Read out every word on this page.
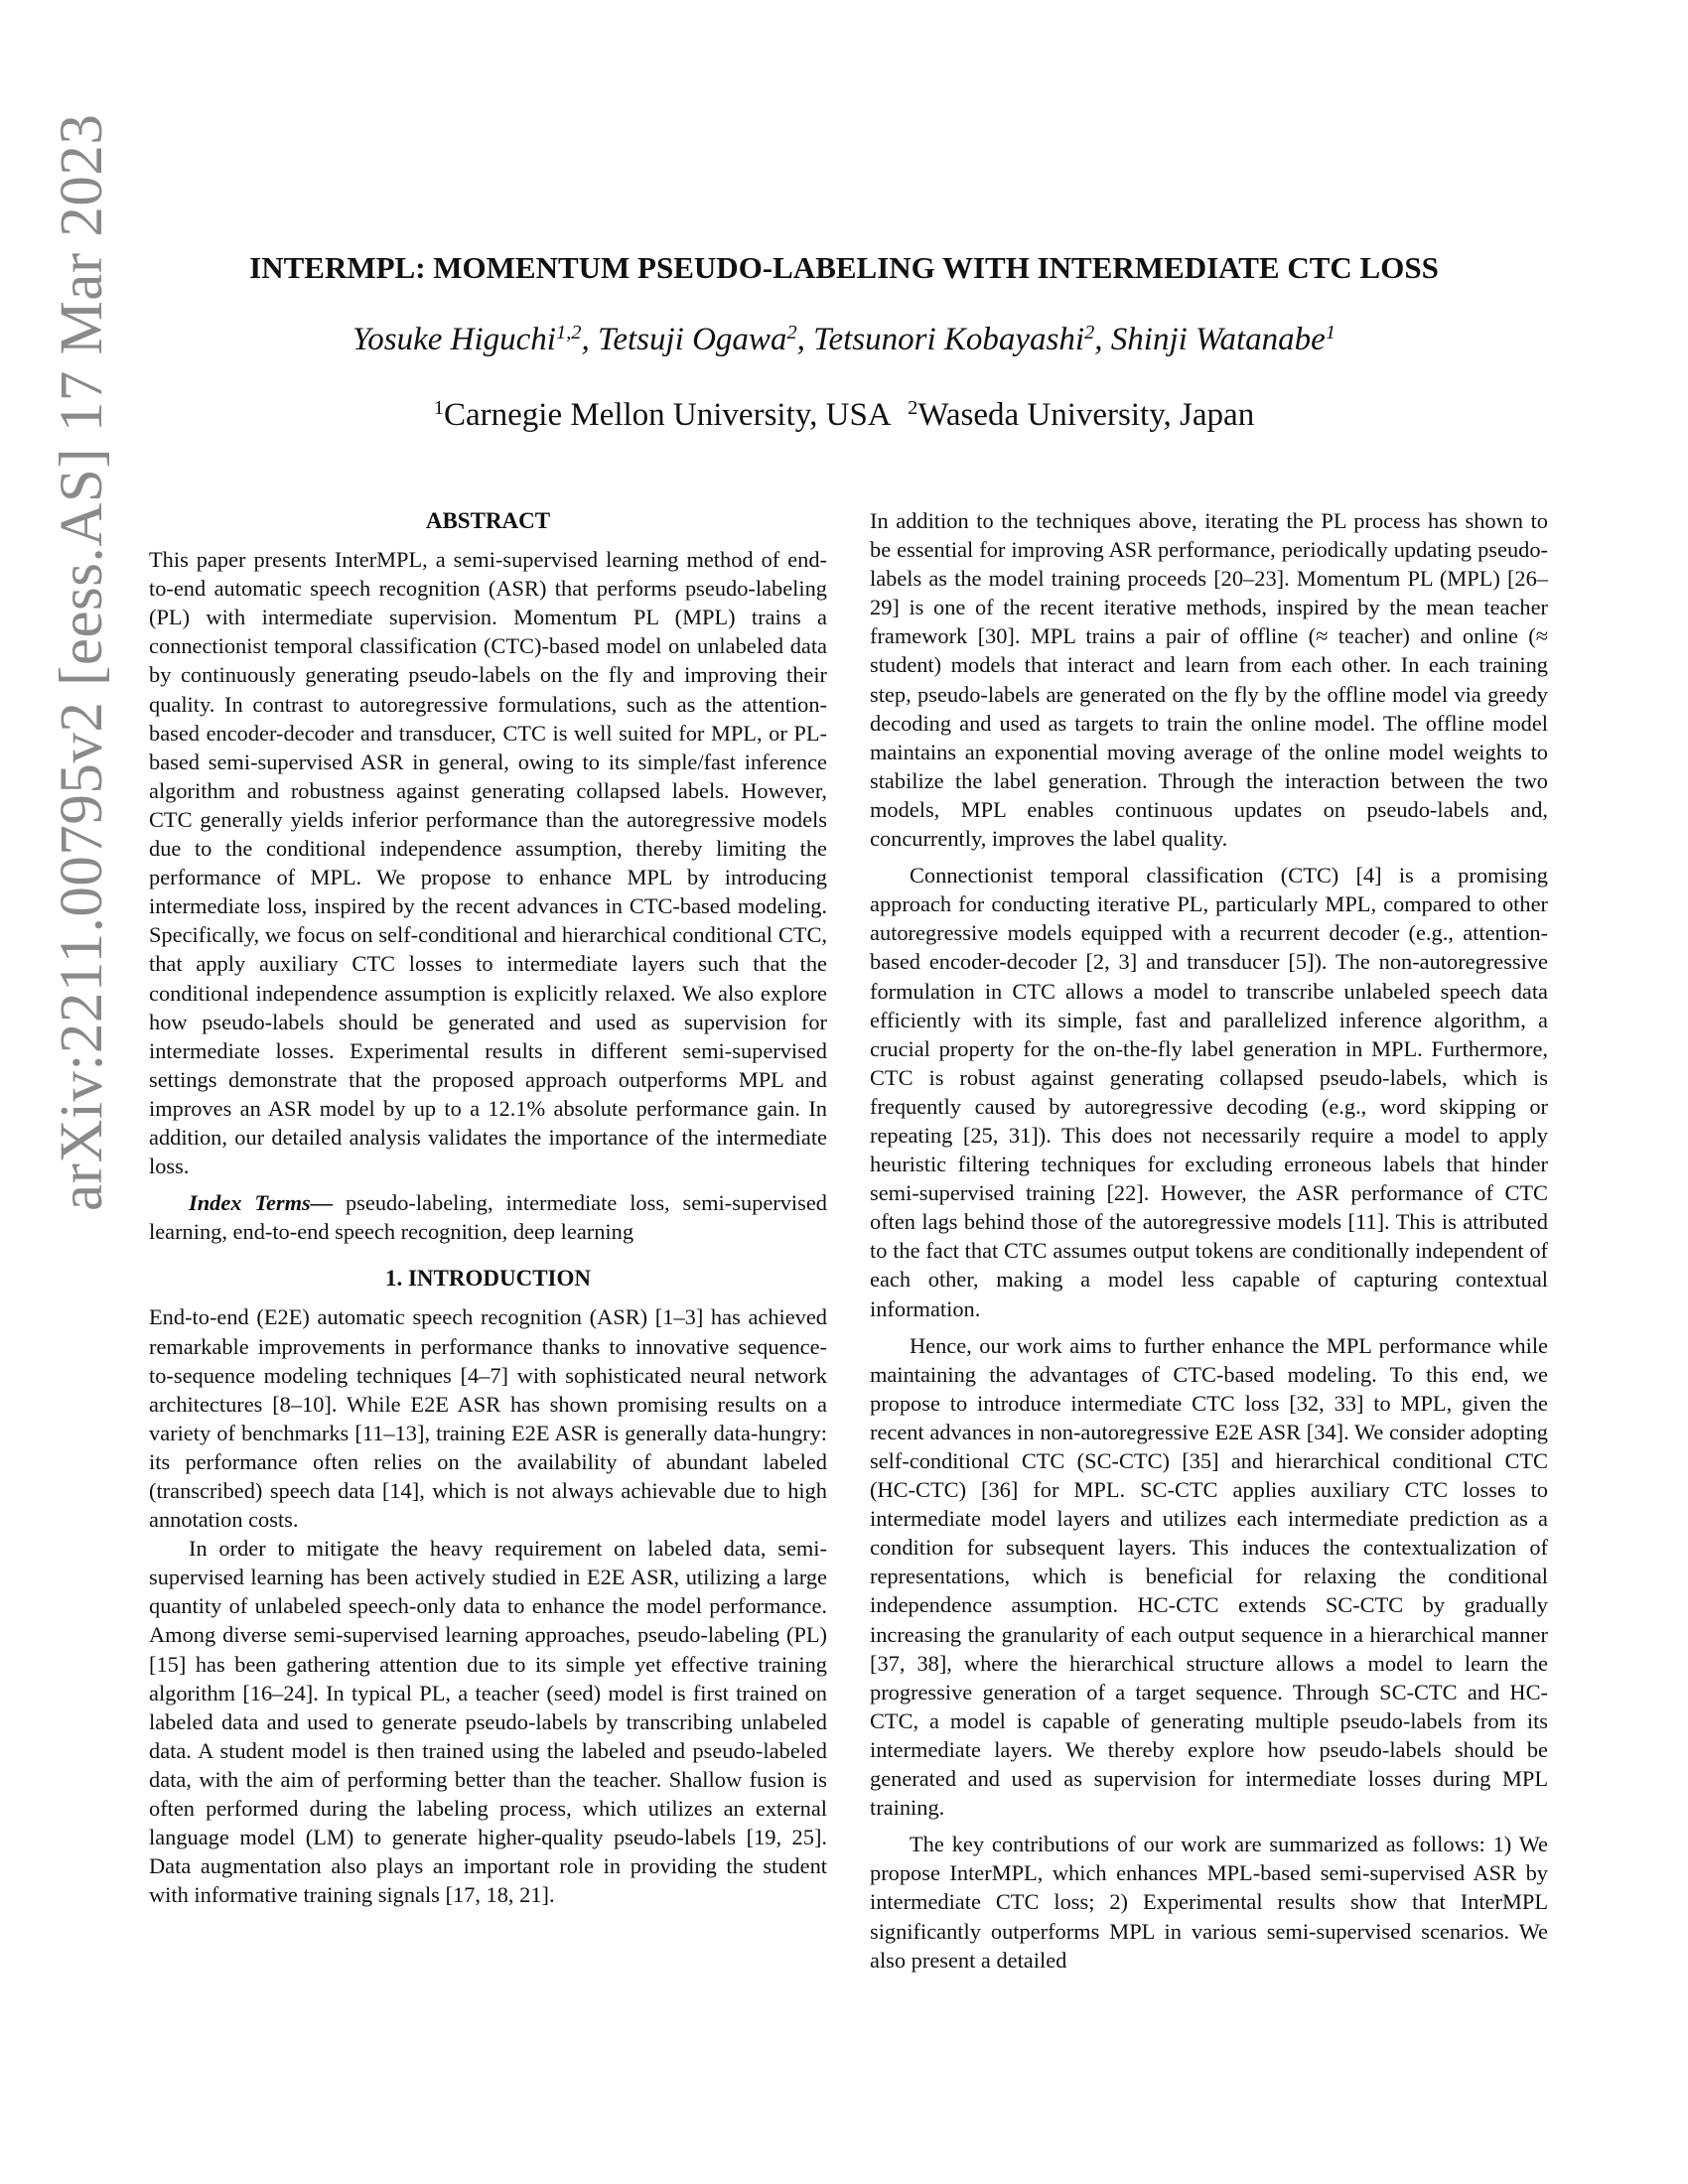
arXiv:2211.00795v2 [eess.AS] 17 Mar 2023	INTERMPL: MOMENTUM PSEUDO-LABELING WITH INTERMEDIATE CTC LOSS
Yosuke Higuchi$^{1,2}$, Tetsuji Ogawa$^2$, Tetsunori Kobayashi$^2$, Shinji Watanabe$^1$
$^1$Carnegie Mellon University, USA $^2$Waseda University, Japan
ABSTRACT

This paper presents InterMPL, a semi-supervised learning method of end-to-end automatic speech recognition (ASR) that performs pseudo-labeling (PL) with intermediate supervision. Momentum PL (MPL) trains a connectionist temporal classification (CTC)-based model on unlabeled data by continuously generating pseudo-labels on the fly and improving their quality. In contrast to autoregressive formulations, such as the attention-based encoder-decoder and transducer, CTC is well suited for MPL, or PL-based semi-supervised ASR in general, owing to its simple/fast inference algorithm and robustness against generating collapsed labels. However, CTC generally yields inferior performance than the autoregressive models due to the conditional independence assumption, thereby limiting the performance of MPL. We propose to enhance MPL by introducing intermediate loss, inspired by the recent advances in CTC-based modeling. Specifically, we focus on self-conditional and hierarchical conditional CTC, that apply auxiliary CTC losses to intermediate layers such that the conditional independence assumption is explicitly relaxed. We also explore how pseudo-labels should be generated and used as supervision for intermediate losses. Experimental results in different semi-supervised settings demonstrate that the proposed approach outperforms MPL and improves an ASR model by up to a 12.1% absolute performance gain. In addition, our detailed analysis validates the importance of the intermediate loss.

Index Terms— pseudo-labeling, intermediate loss, semi-supervised learning, end-to-end speech recognition, deep learning

1. INTRODUCTION

End-to-end (E2E) automatic speech recognition (ASR) [1–3] has achieved remarkable improvements in performance thanks to innovative sequence-to-sequence modeling techniques [4–7] with sophisticated neural network architectures [8–10]. While E2E ASR has shown promising results on a variety of benchmarks [11–13], training E2E ASR is generally data-hungry: its performance often relies on the availability of abundant labeled (transcribed) speech data [14], which is not always achievable due to high annotation costs.

In order to mitigate the heavy requirement on labeled data, semi-supervised learning has been actively studied in E2E ASR, utilizing a large quantity of unlabeled speech-only data to enhance the model performance. Among diverse semi-supervised learning approaches, pseudo-labeling (PL) [15] has been gathering attention due to its simple yet effective training algorithm [16–24]. In typical PL, a teacher (seed) model is first trained on labeled data and used to generate pseudo-labels by transcribing unlabeled data. A student model is then trained using the labeled and pseudo-labeled data, with the aim of performing better than the teacher. Shallow fusion is often performed during the labeling process, which utilizes an external language model (LM) to generate higher-quality pseudo-labels [19, 25]. Data augmentation also plays an important role in providing the student with informative training signals [17, 18, 21].

In addition to the techniques above, iterating the PL process has shown to be essential for improving ASR performance, periodically updating pseudo-labels as the model training proceeds [20–23]. Momentum PL (MPL) [26–29] is one of the recent iterative methods, inspired by the mean teacher framework [30]. MPL trains a pair of offline (≈ teacher) and online (≈ student) models that interact and learn from each other. In each training step, pseudo-labels are generated on the fly by the offline model via greedy decoding and used as targets to train the online model. The offline model maintains an exponential moving average of the online model weights to stabilize the label generation. Through the interaction between the two models, MPL enables continuous updates on pseudo-labels and, concurrently, improves the label quality.

Connectionist temporal classification (CTC) [4] is a promising approach for conducting iterative PL, particularly MPL, compared to other autoregressive models equipped with a recurrent decoder (e.g., attention-based encoder-decoder [2, 3] and transducer [5]). The non-autoregressive formulation in CTC allows a model to transcribe unlabeled speech data efficiently with its simple, fast and parallelized inference algorithm, a crucial property for the on-the-fly label generation in MPL. Furthermore, CTC is robust against generating collapsed pseudo-labels, which is frequently caused by autoregressive decoding (e.g., word skipping or repeating [25, 31]). This does not necessarily require a model to apply heuristic filtering techniques for excluding erroneous labels that hinder semi-supervised training [22]. However, the ASR performance of CTC often lags behind those of the autoregressive models [11]. This is attributed to the fact that CTC assumes output tokens are conditionally independent of each other, making a model less capable of capturing contextual information.

Hence, our work aims to further enhance the MPL performance while maintaining the advantages of CTC-based modeling. To this end, we propose to introduce intermediate CTC loss [32, 33] to MPL, given the recent advances in non-autoregressive E2E ASR [34]. We consider adopting self-conditional CTC (SC-CTC) [35] and hierarchical conditional CTC (HC-CTC) [36] for MPL. SC-CTC applies auxiliary CTC losses to intermediate model layers and utilizes each intermediate prediction as a condition for subsequent layers. This induces the contextualization of representations, which is beneficial for relaxing the conditional independence assumption. HC-CTC extends SC-CTC by gradually increasing the granularity of each output sequence in a hierarchical manner [37, 38], where the hierarchical structure allows a model to learn the progressive generation of a target sequence. Through SC-CTC and HC-CTC, a model is capable of generating multiple pseudo-labels from its intermediate layers. We thereby explore how pseudo-labels should be generated and used as supervision for intermediate losses during MPL training.

The key contributions of our work are summarized as follows: 1) We propose InterMPL, which enhances MPL-based semi-supervised ASR by intermediate CTC loss; 2) Experimental results show that InterMPL significantly outperforms MPL in various semi-supervised scenarios. We also present a detailed
